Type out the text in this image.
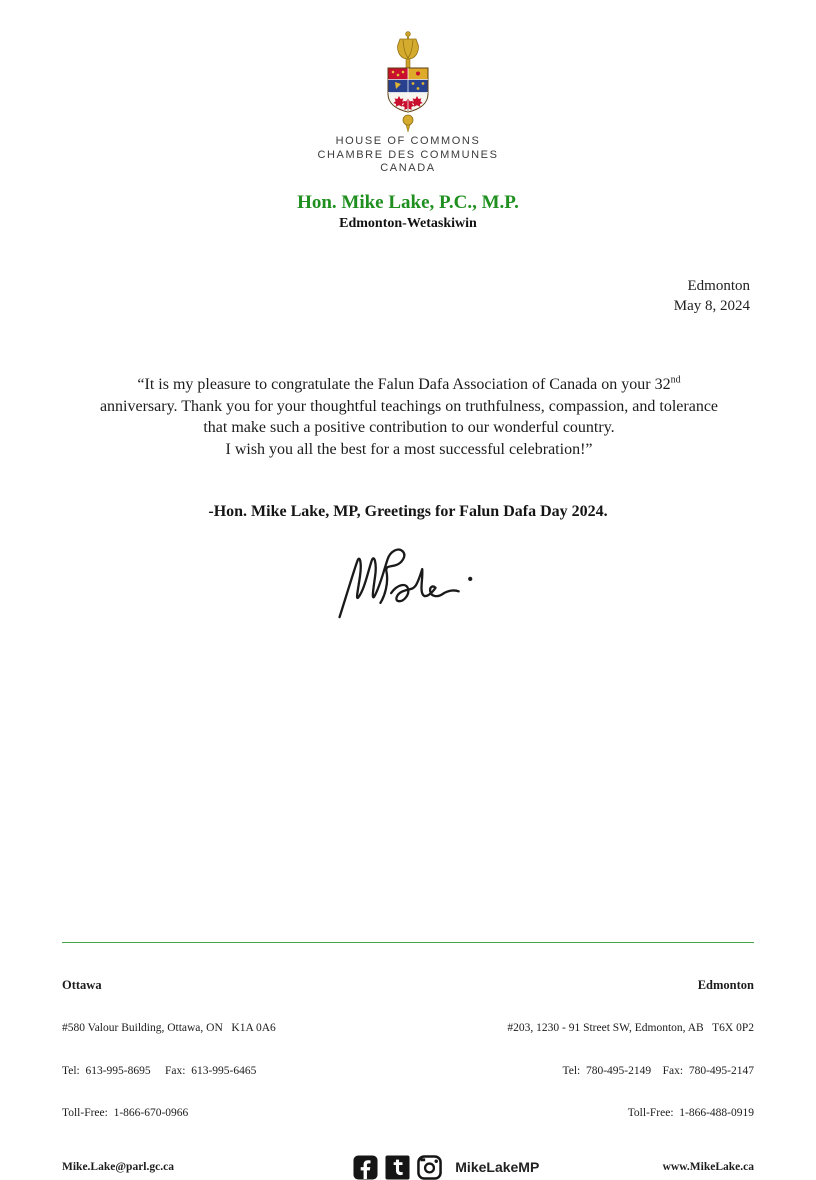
HOUSE OF COMMONS
CHAMBRE DES COMMUNES
CANADA
Hon. Mike Lake, P.C., M.P.
Edmonton-Wetaskiwin
Edmonton
May 8, 2024
“It is my pleasure to congratulate the Falun Dafa Association of Canada on your 32nd anniversary. Thank you for your thoughtful teachings on truthfulness, compassion, and tolerance that make such a positive contribution to our wonderful country.
I wish you all the best for a most successful celebration!”
-Hon. Mike Lake, MP, Greetings for Falun Dafa Day 2024.

Ottawa

#580 Valour Building, Ottawa, ON   K1A 0A6

Tel:  613-995-8695     Fax:  613-995-6465

Toll-Free:  1-866-670-0966

Edmonton

#203, 1230 - 91 Street SW, Edmonton, AB   T6X 0P2

Tel:  780-495-2149    Fax:  780-495-2147

Toll-Free:  1-866-488-0919

Mike.Lake@parl.gc.ca	MikeLakeMP	www.MikeLake.ca
